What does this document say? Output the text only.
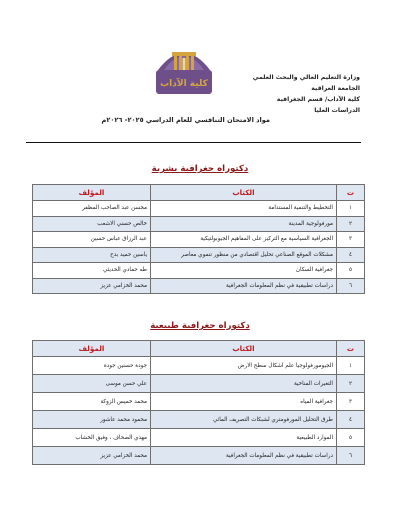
وزارة التعليم العالي والبحث العلمي
الجامعة العراقية
كلية الآداب/ قسم الجغرافية
الدراسات العليا
كلية الآداب
مواد الامتحان التنافسي للعام الدراسي ٢٠٢٥- ٢٠٢٦م
دكتوراه جغرافية بشرية
ت	الكتاب	المؤلف
١	التخطيط والتنمية المستدامة	محسن عبد الصاحب المظفر
٢	مورفولوجية المدينة	خالص حسني الاشعب
٣	الجغرافية السياسية مع التركيز على المفاهيم الجيوبولتيكية	عبد الرزاق عباس حسين
٤	مشكلات الموقع الصناعي تحليل اقتصادي من منظور تنموي معاصر	ياسين حميد بدح
٥	جغرافية السكان	طه حمادي الحديثي
٦	دراسات تطبيقية في نظم المعلومات الجغرافية	محمد الخزامي عزيز
دكتوراه جغرافية طبيعية
ت	الكتاب	المؤلف
١	الجيومورفولوجيا علم اشكال سطح الارض	جودة حسنين جودة
٢	التغيرات المناخية	علي حسن موسى
٣	جغرافية المياه	محمد خميس الزوكة
٤	طرق التحليل المورفومتري لشبكات التصريف المائي	محمود محمد عاشور
٥	الموارد الطبيعية	مهدي الصحاف ، وفيق الخشاب
٦	دراسات تطبيقية في نظم المعلومات الجغرافية	محمد الخزامي عزيز
